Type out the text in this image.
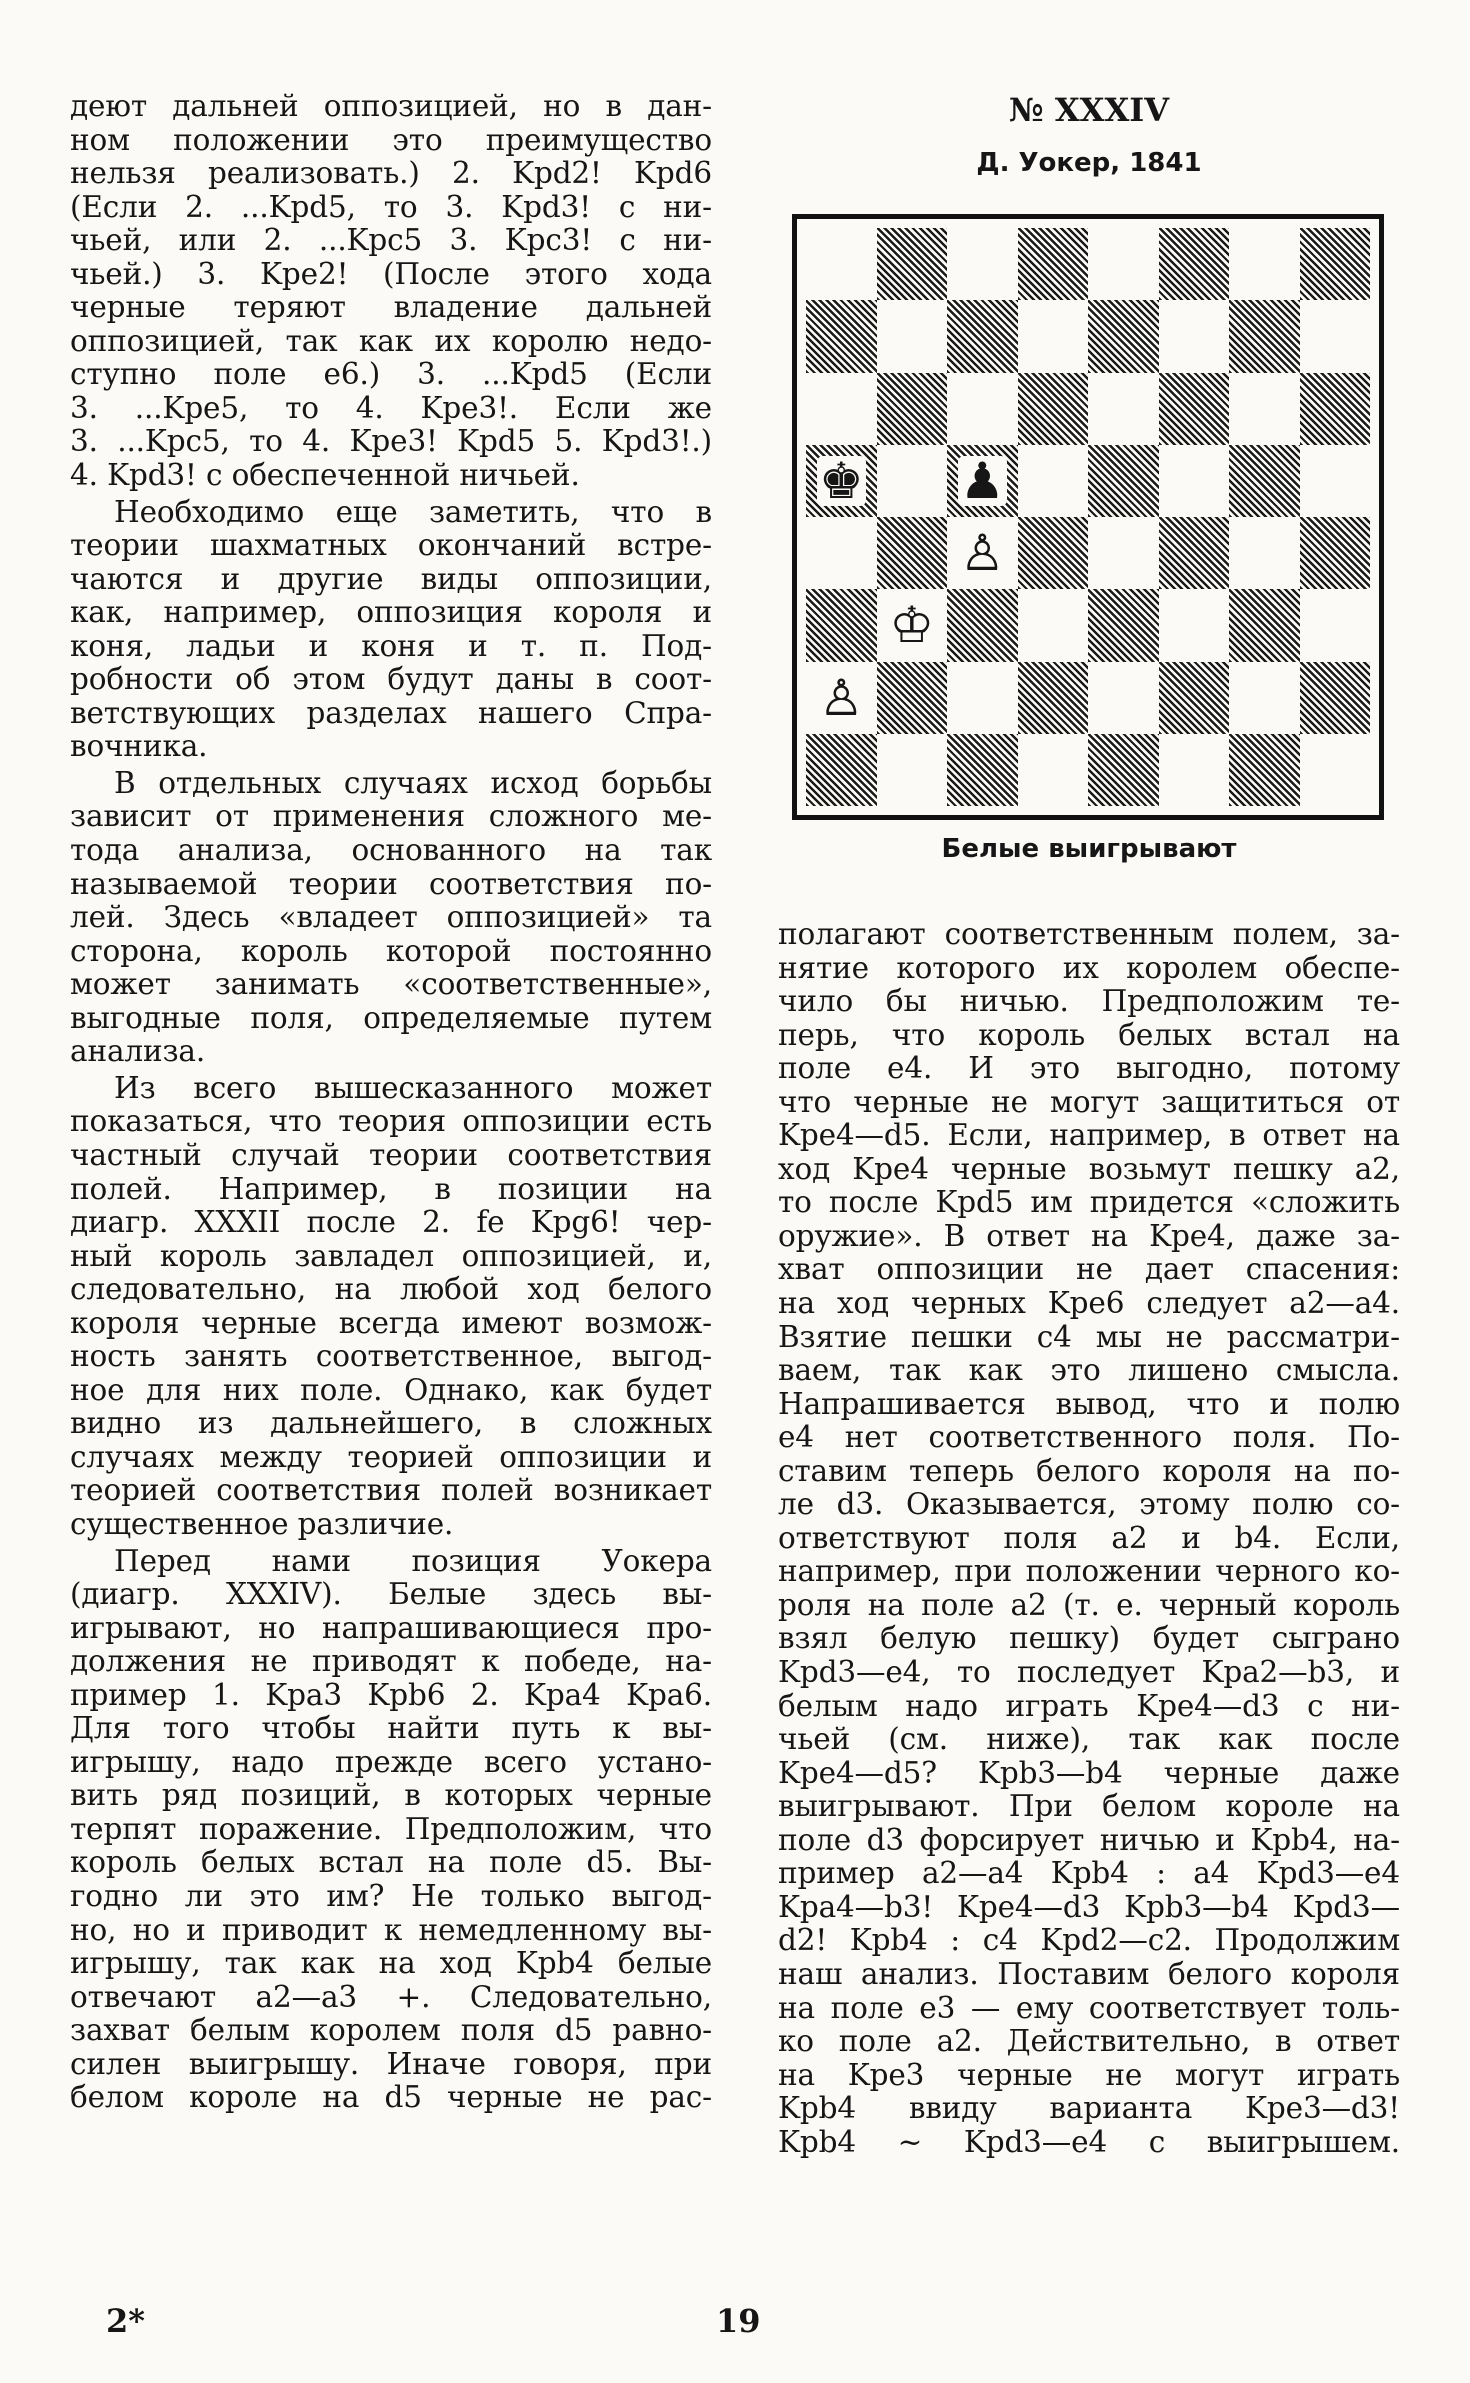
деют дальней оппозицией, но в дан-
ном положении это преимущество
нельзя реализовать.) 2. Kpd2! Kpd6
(Если 2. ...Kpd5, то 3. Kpd3! с ни-
чьей, или 2. ...Kpc5 3. Kpc3! с ни-
чьей.) 3. Kpe2! (После этого хода
черные теряют владение дальней
оппозицией, так как их королю недо-
ступно поле e6.) 3. ...Kpd5 (Если
3. ...Kpe5, то 4. Kpe3!. Если же
3. ...Kpc5, то 4. Kpe3! Kpd5 5. Kpd3!.)
4. Kpd3! с обеспеченной ничьей.
Необходимо еще заметить, что в
теории шахматных окончаний встре-
чаются и другие виды оппозиции,
как, например, оппозиция короля и
коня, ладьи и коня и т. п. Под-
робности об этом будут даны в соот-
ветствующих разделах нашего Спра-
вочника.
В отдельных случаях исход борьбы
зависит от применения сложного ме-
тода анализа, основанного на так
называемой теории соответствия по-
лей. Здесь «владеет оппозицией» та
сторона, король которой постоянно
может занимать «соответственные»,
выгодные поля, определяемые путем
анализа.
Из всего вышесказанного может
показаться, что теория оппозиции есть
частный случай теории соответствия
полей. Например, в позиции на
диагр. XXXII после 2. fe Kpg6! чер-
ный король завладел оппозицией, и,
следовательно, на любой ход белого
короля черные всегда имеют возмож-
ность занять соответственное, выгод-
ное для них поле. Однако, как будет
видно из дальнейшего, в сложных
случаях между теорией оппозиции и
теорией соответствия полей возникает
существенное различие.
Перед нами позиция Уокера
(диагр. XXXIV). Белые здесь вы-
игрывают, но напрашивающиеся про-
должения не приводят к победе, на-
пример 1. Kpa3 Kpb6 2. Kpa4 Kpa6.
Для того чтобы найти путь к вы-
игрышу, надо прежде всего устано-
вить ряд позиций, в которых черные
терпят поражение. Предположим, что
король белых встал на поле d5. Вы-
годно ли это им? Не только выгод-
но, но и приводит к немедленному вы-
игрышу, так как на ход Kpb4 белые
отвечают a2—a3 +. Следовательно,
захват белым королем поля d5 равно-
силен выигрышу. Иначе говоря, при
белом короле на d5 черные не рас-

№ XXXIV

Д. Уокер, 1841

♚ ♟
♙
♔
♙

Белые выигрывают

полагают соответственным полем, за-
нятие которого их королем обеспе-
чило бы ничью. Предположим те-
перь, что король белых встал на
поле e4. И это выгодно, потому
что черные не могут защититься от
Kpe4—d5. Если, например, в ответ на
ход Kpe4 черные возьмут пешку a2,
то после Kpd5 им придется «сложить
оружие». В ответ на Kpe4, даже за-
хват оппозиции не дает спасения:
на ход черных Kpe6 следует a2—a4.
Взятие пешки c4 мы не рассматри-
ваем, так как это лишено смысла.
Напрашивается вывод, что и полю
e4 нет соответственного поля. По-
ставим теперь белого короля на по-
ле d3. Оказывается, этому полю со-
ответствуют поля a2 и b4. Если,
например, при положении черного ко-
роля на поле a2 (т. е. черный король
взял белую пешку) будет сыграно
Kpd3—e4, то последует Kpa2—b3, и
белым надо играть Kpe4—d3 с ни-
чьей (см. ниже), так как после
Kpe4—d5? Kpb3—b4 черные даже
выигрывают. При белом короле на
поле d3 форсирует ничью и Kpb4, на-
пример a2—a4 Kpb4 : a4 Kpd3—e4
Kpa4—b3! Kpe4—d3 Kpb3—b4 Kpd3—
d2! Kpb4 : c4 Kpd2—c2. Продолжим
наш анализ. Поставим белого короля
на поле e3 — ему соответствует толь-
ко поле a2. Действительно, в ответ
на Kpe3 черные не могут играть
Kpb4 ввиду варианта Kpe3—d3!
Kpb4 ∼ Kpd3—e4 с выигрышем.
2*	19
